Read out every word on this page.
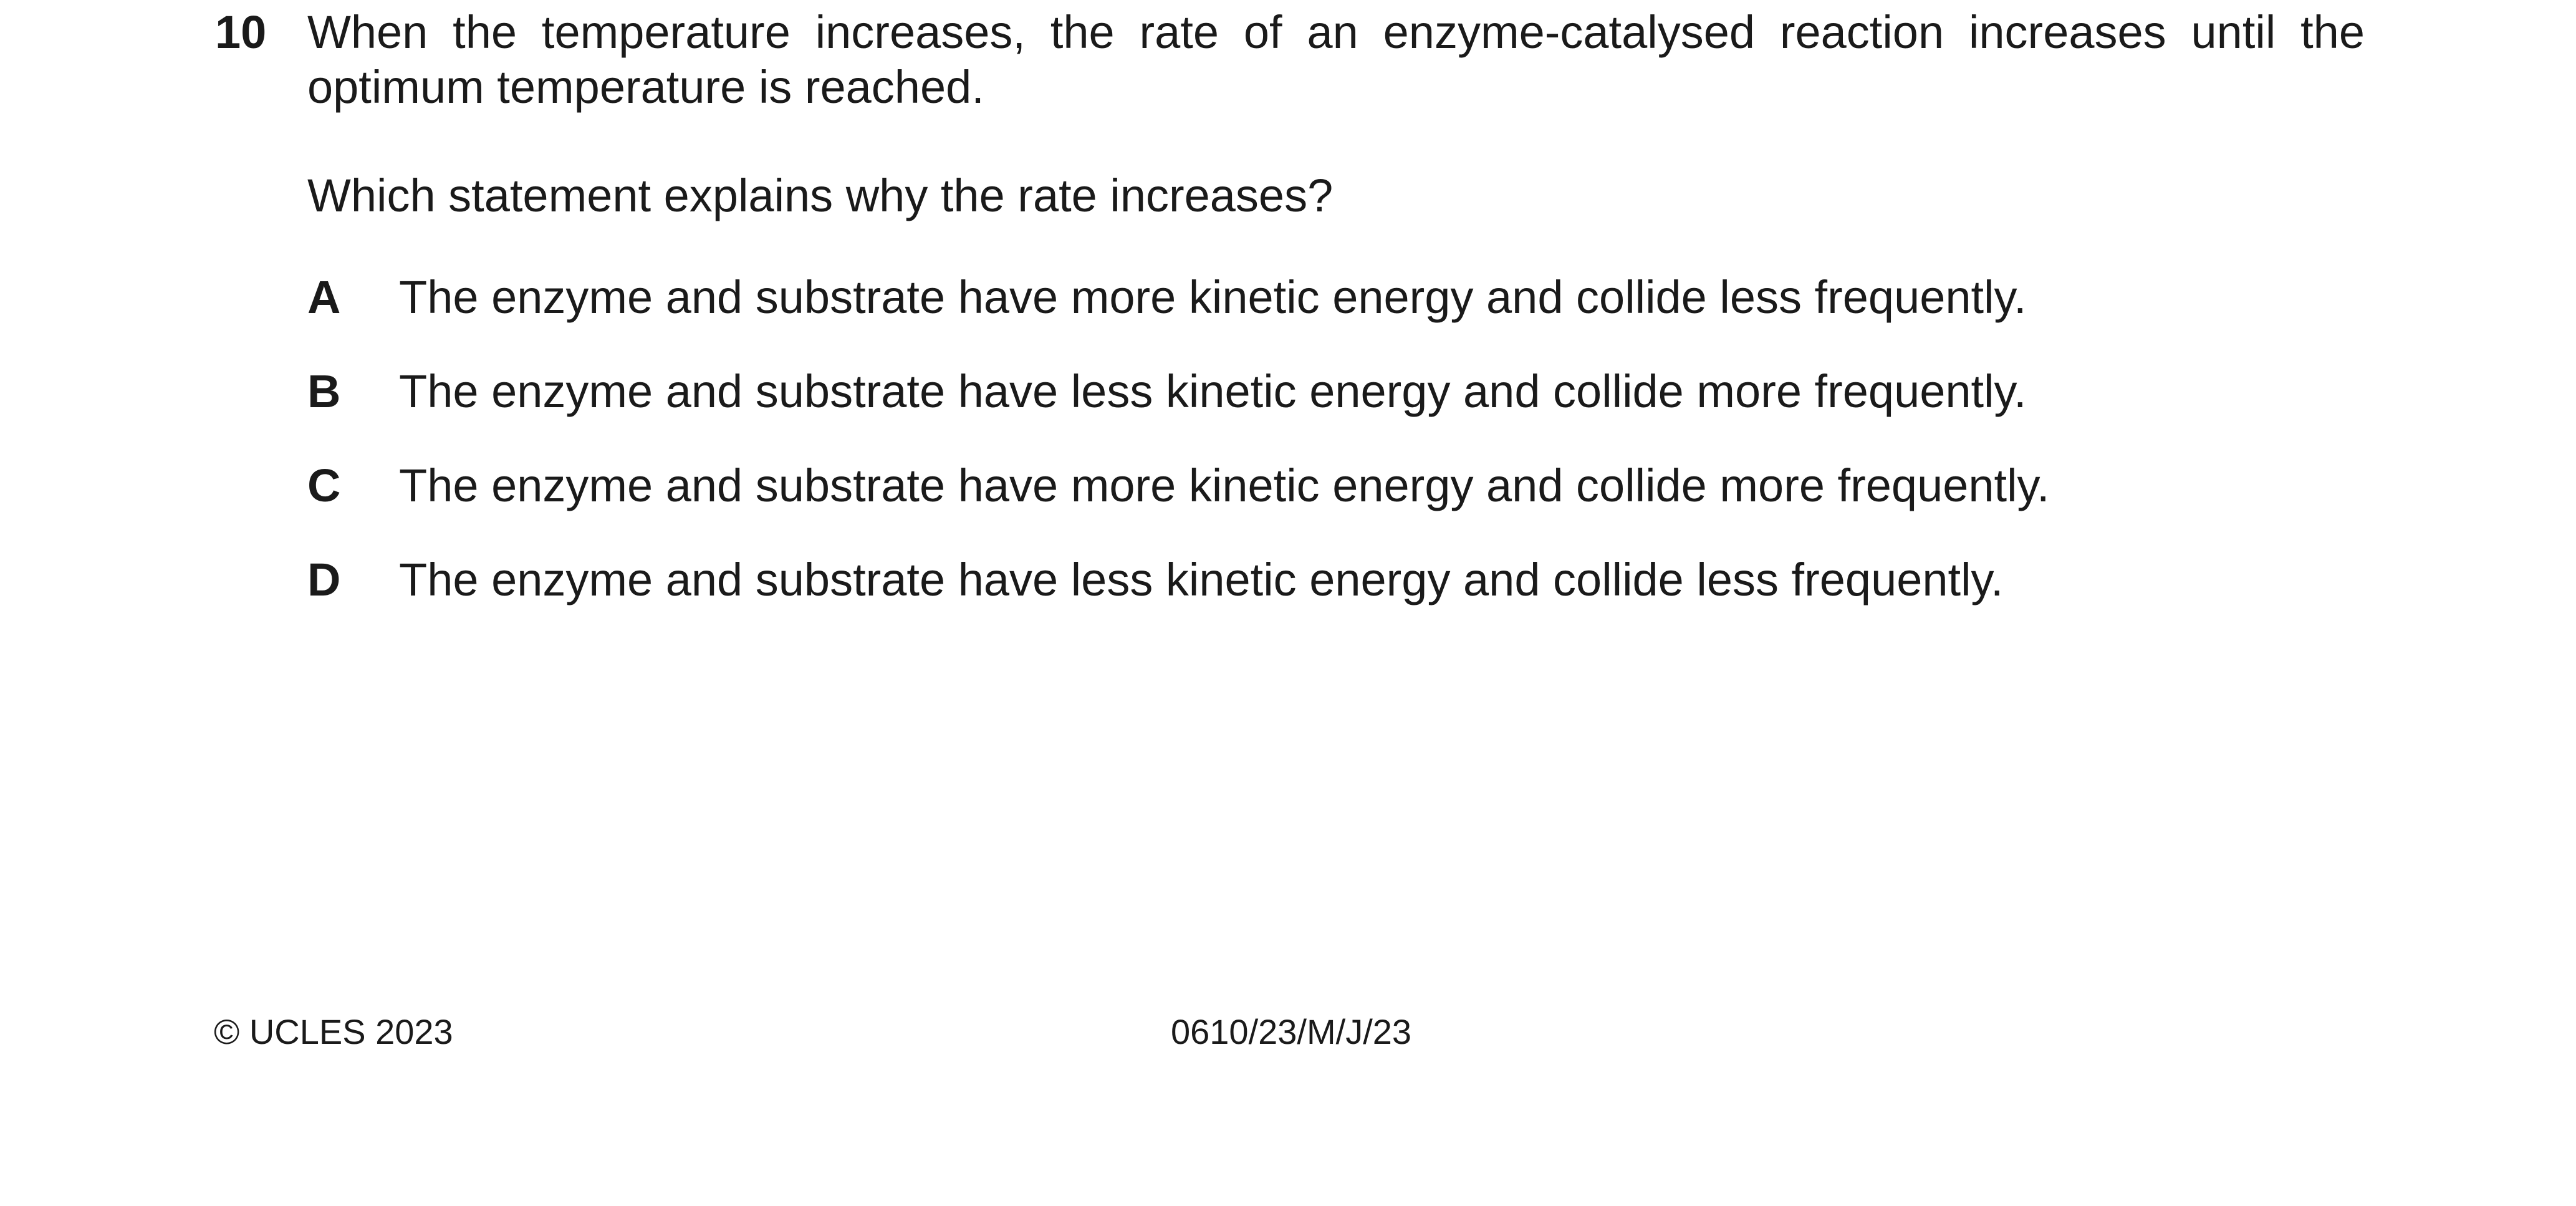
10 When the temperature increases, the rate of an enzyme-catalysed reaction increases until the optimum temperature is reached.
Which statement explains why the rate increases?
A The enzyme and substrate have more kinetic energy and collide less frequently.
B The enzyme and substrate have less kinetic energy and collide more frequently.
C The enzyme and substrate have more kinetic energy and collide more frequently.
D The enzyme and substrate have less kinetic energy and collide less frequently.
© UCLES 2023	0610/23/M/J/23
